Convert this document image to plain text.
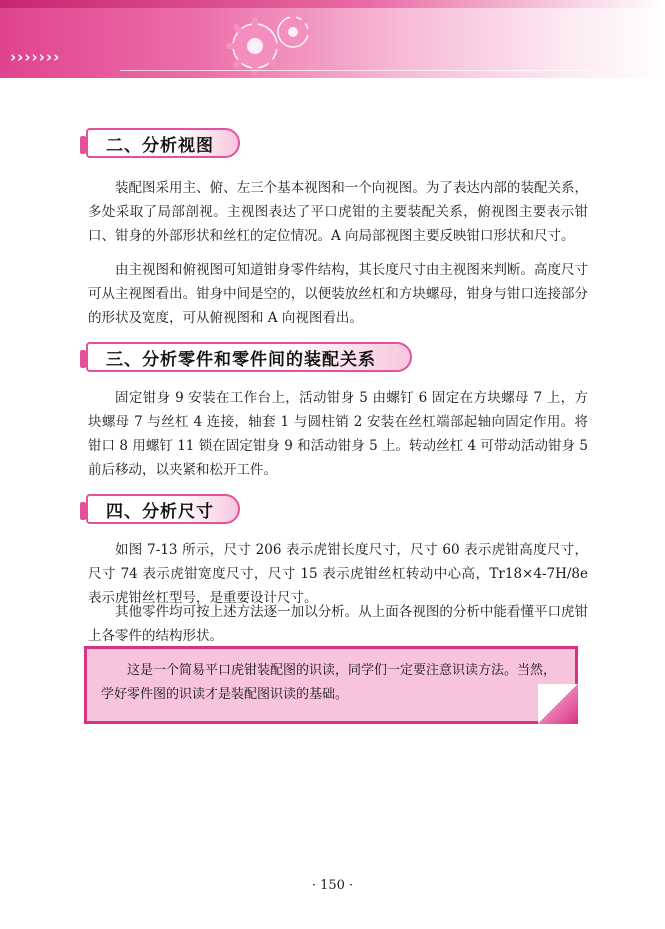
›››››››
二、分析视图

装配图采用主、俯、左三个基本视图和一个向视图。为了表达内部的装配关系，多处采取了局部剖视。主视图表达了平口虎钳的主要装配关系，俯视图主要表示钳口、钳身的外部形状和丝杠的定位情况。A 向局部视图主要反映钳口形状和尺寸。

由主视图和俯视图可知道钳身零件结构，其长度尺寸由主视图来判断。高度尺寸可从主视图看出。钳身中间是空的，以便装放丝杠和方块螺母，钳身与钳口连接部分的形状及宽度，可从俯视图和 A 向视图看出。

三、分析零件和零件间的装配关系

固定钳身 9 安装在工作台上，活动钳身 5 由螺钉 6 固定在方块螺母 7 上，方块螺母 7 与丝杠 4 连接，轴套 1 与圆柱销 2 安装在丝杠端部起轴向固定作用。将钳口 8 用螺钉 11 锁在固定钳身 9 和活动钳身 5 上。转动丝杠 4 可带动活动钳身 5 前后移动，以夹紧和松开工件。

四、分析尺寸

如图 7-13 所示，尺寸 206 表示虎钳长度尺寸，尺寸 60 表示虎钳高度尺寸，尺寸 74 表示虎钳宽度尺寸，尺寸 15 表示虎钳丝杠转动中心高，Tr18×4-7H/8e 表示虎钳丝杠型号，是重要设计尺寸。

其他零件均可按上述方法逐一加以分析。从上面各视图的分析中能看懂平口虎钳上各零件的结构形状。

这是一个简易平口虎钳装配图的识读，同学们一定要注意识读方法。当然，学好零件图的识读才是装配图识读的基础。

· 150 ·
